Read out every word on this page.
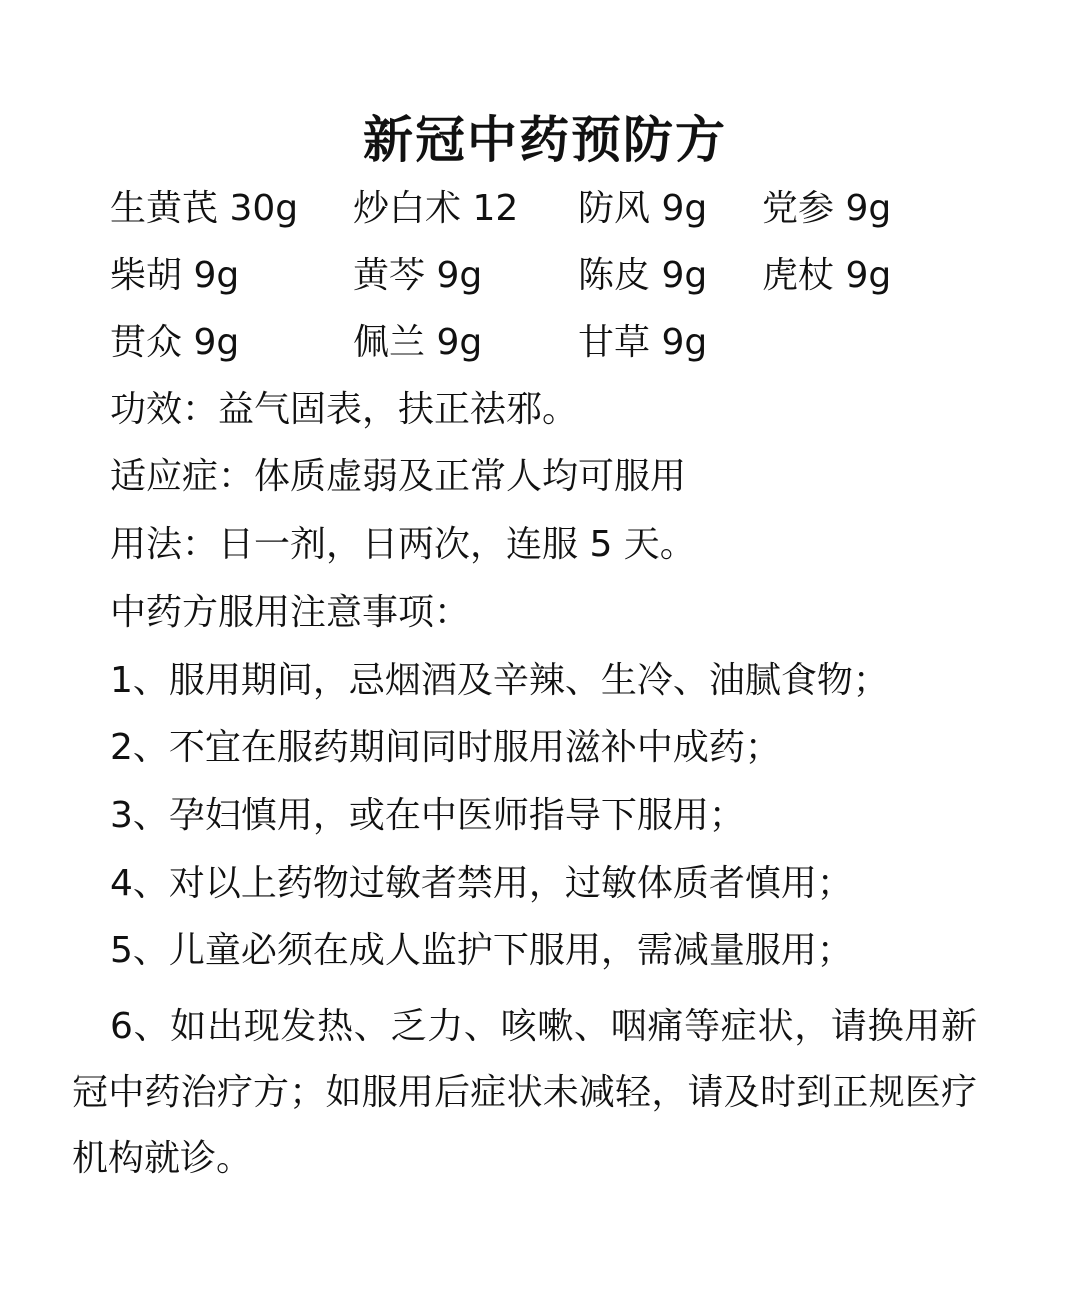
新冠中药预防方
生黄芪 30g 炒白术 12 防风 9g 党参 9g
柴胡 9g	黄芩 9g	陈皮 9g 虎杖 9g
贯众 9g	佩兰 9g	甘草 9g
功效：益气固表，扶正祛邪。
适应症：体质虚弱及正常人均可服用
用法：日一剂，日两次，连服 5 天。
中药方服用注意事项：
1、服用期间，忌烟酒及辛辣、生冷、油腻食物；
2、不宜在服药期间同时服用滋补中成药；
3、孕妇慎用，或在中医师指导下服用；
4、对以上药物过敏者禁用，过敏体质者慎用；
5、儿童必须在成人监护下服用，需减量服用；
6、如出现发热、乏力、咳嗽、咽痛等症状，请换用新冠中药治疗方；如服用后症状未减轻，请及时到正规医疗机构就诊。
